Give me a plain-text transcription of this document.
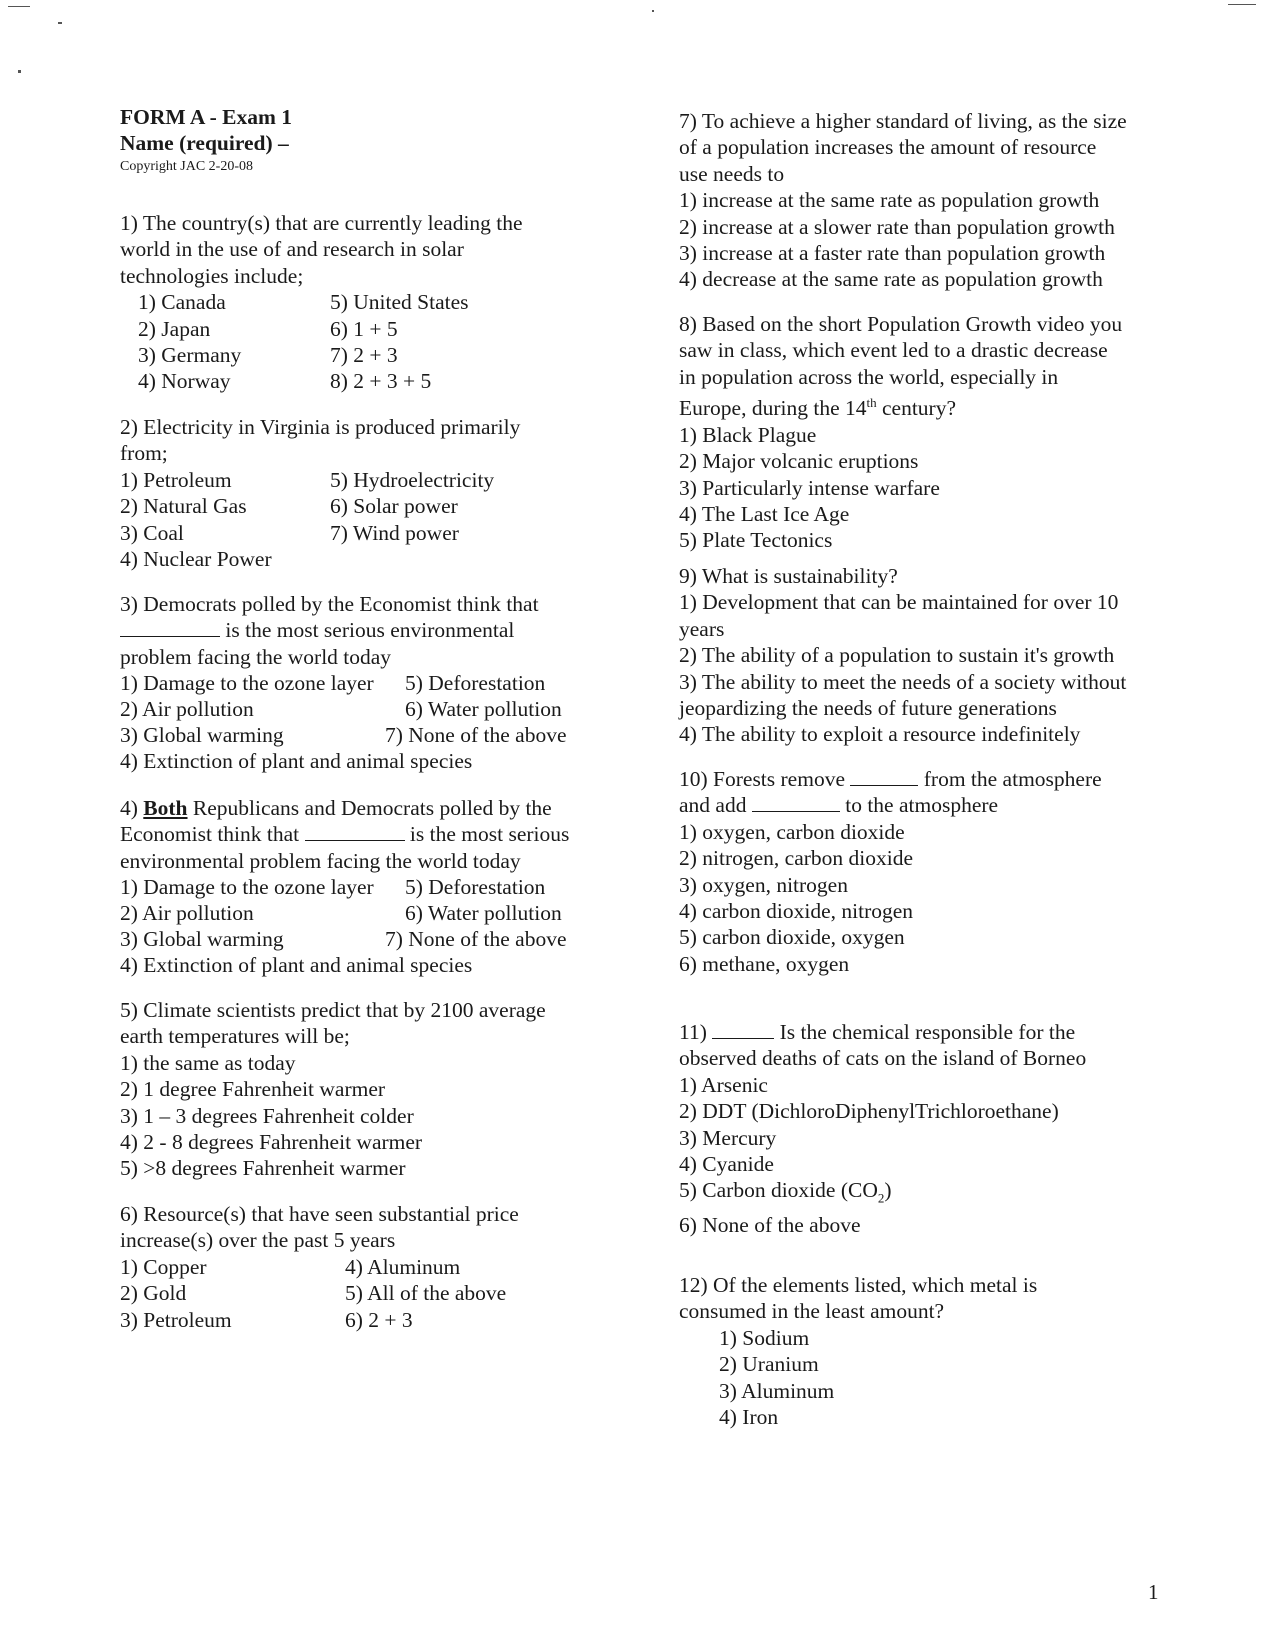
FORM A - Exam 1
Name (required) –
Copyright JAC 2-20-08
1) The country(s) that are currently leading the
world in the use of and research in solar
technologies include;
1) Canada	5) United States
2) Japan	6) 1 + 5
3) Germany	7) 2 + 3
4) Norway	8) 2 + 3 + 5
2) Electricity in Virginia is produced primarily
from;
1) Petroleum	5) Hydroelectricity
2) Natural Gas	6) Solar power
3) Coal	7) Wind power
4) Nuclear Power
3) Democrats polled by the Economist think that
is the most serious environmental
problem facing the world today
1) Damage to the ozone layer 5) Deforestation
2) Air pollution	6) Water pollution
3) Global warming	7) None of the above
4) Extinction of plant and animal species
4) Both Republicans and Democrats polled by the
Economist think that	is the most serious
environmental problem facing the world today
1) Damage to the ozone layer 5) Deforestation
2) Air pollution	6) Water pollution
3) Global warming	7) None of the above
4) Extinction of plant and animal species
5) Climate scientists predict that by 2100 average
earth temperatures will be;
1) the same as today
2) 1 degree Fahrenheit warmer
3) 1 – 3 degrees Fahrenheit colder
4) 2 - 8 degrees Fahrenheit warmer
5) >8 degrees Fahrenheit warmer
6) Resource(s) that have seen substantial price
increase(s) over the past 5 years
1) Copper	4) Aluminum
2) Gold	5) All of the above
3) Petroleum	6) 2 + 3
7) To achieve a higher standard of living, as the size
of a population increases the amount of resource
use needs to
1) increase at the same rate as population growth
2) increase at a slower rate than population growth
3) increase at a faster rate than population growth
4) decrease at the same rate as population growth
8) Based on the short Population Growth video you
saw in class, which event led to a drastic decrease
in population across the world, especially in
Europe, during the 14th century?
1) Black Plague
2) Major volcanic eruptions
3) Particularly intense warfare
4) The Last Ice Age
5) Plate Tectonics
9) What is sustainability?
1) Development that can be maintained for over 10
years
2) The ability of a population to sustain it's growth
3) The ability to meet the needs of a society without
jeopardizing the needs of future generations
4) The ability to exploit a resource indefinitely
10) Forests remove	from the atmosphere
and add	to the atmosphere
1) oxygen, carbon dioxide
2) nitrogen, carbon dioxide
3) oxygen, nitrogen
4) carbon dioxide, nitrogen
5) carbon dioxide, oxygen
6) methane, oxygen
11)	Is the chemical responsible for the
observed deaths of cats on the island of Borneo
1) Arsenic
2) DDT (DichloroDiphenylTrichloroethane)
3) Mercury
4) Cyanide
5) Carbon dioxide $(CO_2)$
6) None of the above
12) Of the elements listed, which metal is
consumed in the least amount?
1) Sodium
2) Uranium
3) Aluminum
4) Iron
1
